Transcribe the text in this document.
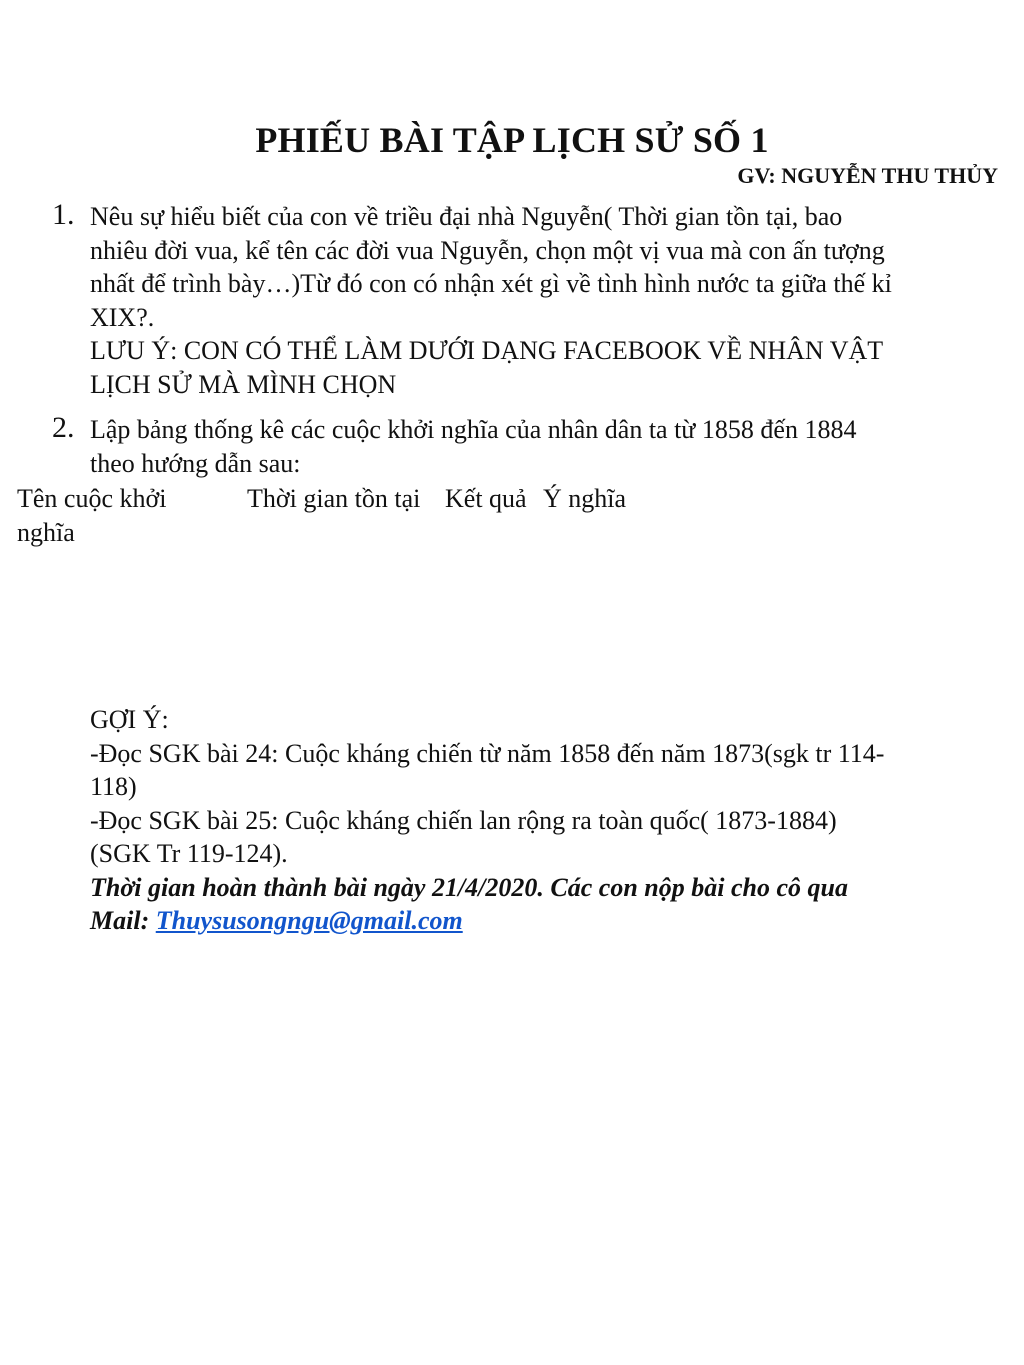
PHIẾU BÀI TẬP LỊCH SỬ SỐ 1
GV: NGUYỄN THU THỦY
1. Nêu sự hiểu biết của con về triều đại nhà Nguyễn( Thời gian tồn tại, bao
nhiêu đời vua, kể tên các đời vua Nguyễn, chọn một vị vua mà con ấn tượng
nhất để trình bày…)Từ đó con có nhận xét gì về tình hình nước ta giữa thế kỉ
XIX?.
LƯU Ý: CON CÓ THỂ LÀM DƯỚI DẠNG FACEBOOK VỀ NHÂN VẬT
LỊCH SỬ MÀ MÌNH CHỌN
2. Lập bảng thống kê các cuộc khởi nghĩa của nhân dân ta từ 1858 đến 1884
theo hướng dẫn sau:
Tên cuộc khởi
nghĩa
Thời gian tồn tại Kết quả Ý nghĩa
GỢI Ý:
-Đọc SGK bài 24: Cuộc kháng chiến từ năm 1858 đến năm 1873(sgk tr 114-
118)
-Đọc SGK bài 25: Cuộc kháng chiến lan rộng ra toàn quốc( 1873-1884)
(SGK Tr 119-124).
Thời gian hoàn thành bài ngày 21/4/2020. Các con nộp bài cho cô qua
Mail: Thuysusongngu@gmail.com
